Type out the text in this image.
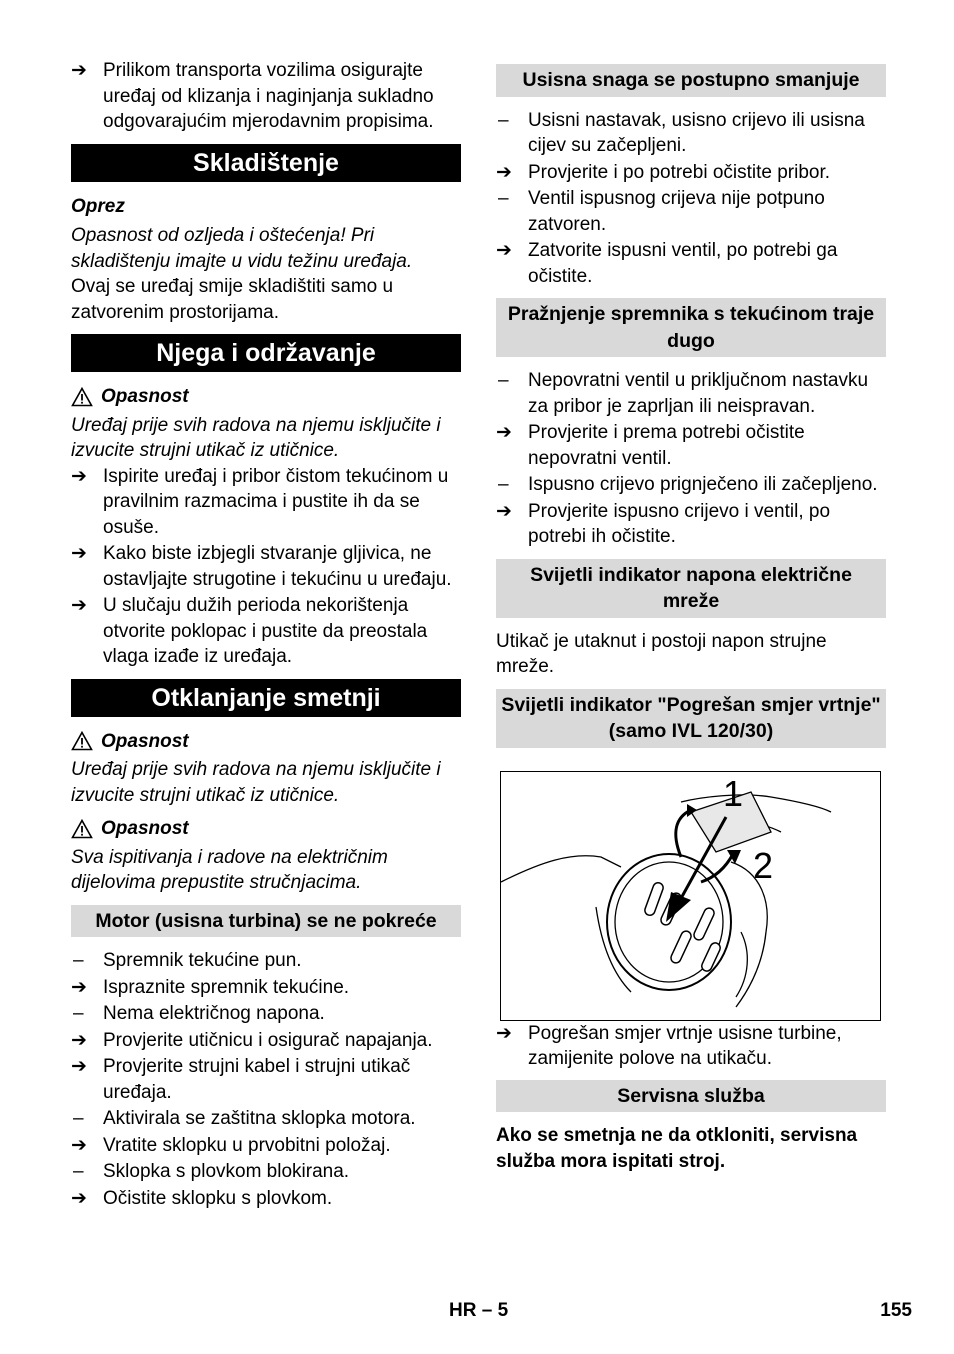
➔ Prilikom transporta vozilima osigurajte uređaj od klizanja i naginjanja sukladno odgovarajućim mjerodavnim propisima.
Skladištenje
Oprez

Opasnost od ozljeda i oštećenja! Pri skladištenju imajte u vidu težinu uređaja.

Ovaj se uređaj smije skladištiti samo u zatvorenim prostorijama.

Njega i održavanje
Opasnost

Uređaj prije svih radova na njemu isključite i izvucite strujni utikač iz utičnice.

➔ Ispirite uređaj i pribor čistom tekućinom u pravilnim razmacima i pustite ih da se osuše.
➔ Kako biste izbjegli stvaranje gljivica, ne ostavljajte strugotine i tekućinu u uređaju.
➔ U slučaju dužih perioda nekorištenja otvorite poklopac i pustite da preostala vlaga izađe iz uređaja.
Otklanjanje smetnji
Opasnost

Uređaj prije svih radova na njemu isključite i izvucite strujni utikač iz utičnice.

Opasnost

Sva ispitivanja i radove na električnim dijelovima prepustite stručnjacima.

Motor (usisna turbina) se ne pokreće
–	Spremnik tekućine pun.
➔ Ispraznite spremnik tekućine.
–	Nema električnog napona.
➔ Provjerite utičnicu i osigurač napajanja.
➔ Provjerite strujni kabel i strujni utikač uređaja.
–	Aktivirala se zaštitna sklopka motora.
➔ Vratite sklopku u prvobitni položaj.
–	Sklopka s plovkom blokirana.
➔ Očistite sklopku s plovkom.
Usisna snaga se postupno smanjuje
–	Usisni nastavak, usisno crijevo ili usisna cijev su začepljeni.
➔ Provjerite i po potrebi očistite pribor.
–	Ventil ispusnog crijeva nije potpuno zatvoren.
➔ Zatvorite ispusni ventil, po potrebi ga očistite.
Pražnjenje spremnika s tekućinom traje dugo
–	Nepovratni ventil u priključnom nastavku za pribor je zaprljan ili neispravan.
➔ Provjerite i prema potrebi očistite nepovratni ventil.
–	Ispusno crijevo prignječeno ili začepljeno.
➔ Provjerite ispusno crijevo i ventil, po potrebi ih očistite.
Svijetli indikator napona električne mreže

Utikač je utaknut i postoji napon strujne mreže.

Svijetli indikator "Pogrešan smjer vrtnje" (samo IVL 120/30)
1
2
➔ Pogrešan smjer vrtnje usisne turbine, zamijenite polove na utikaču.
Servisna služba

Ako se smetnja ne da otkloniti, servisna služba mora ispitati stroj.

HR – 5	155
